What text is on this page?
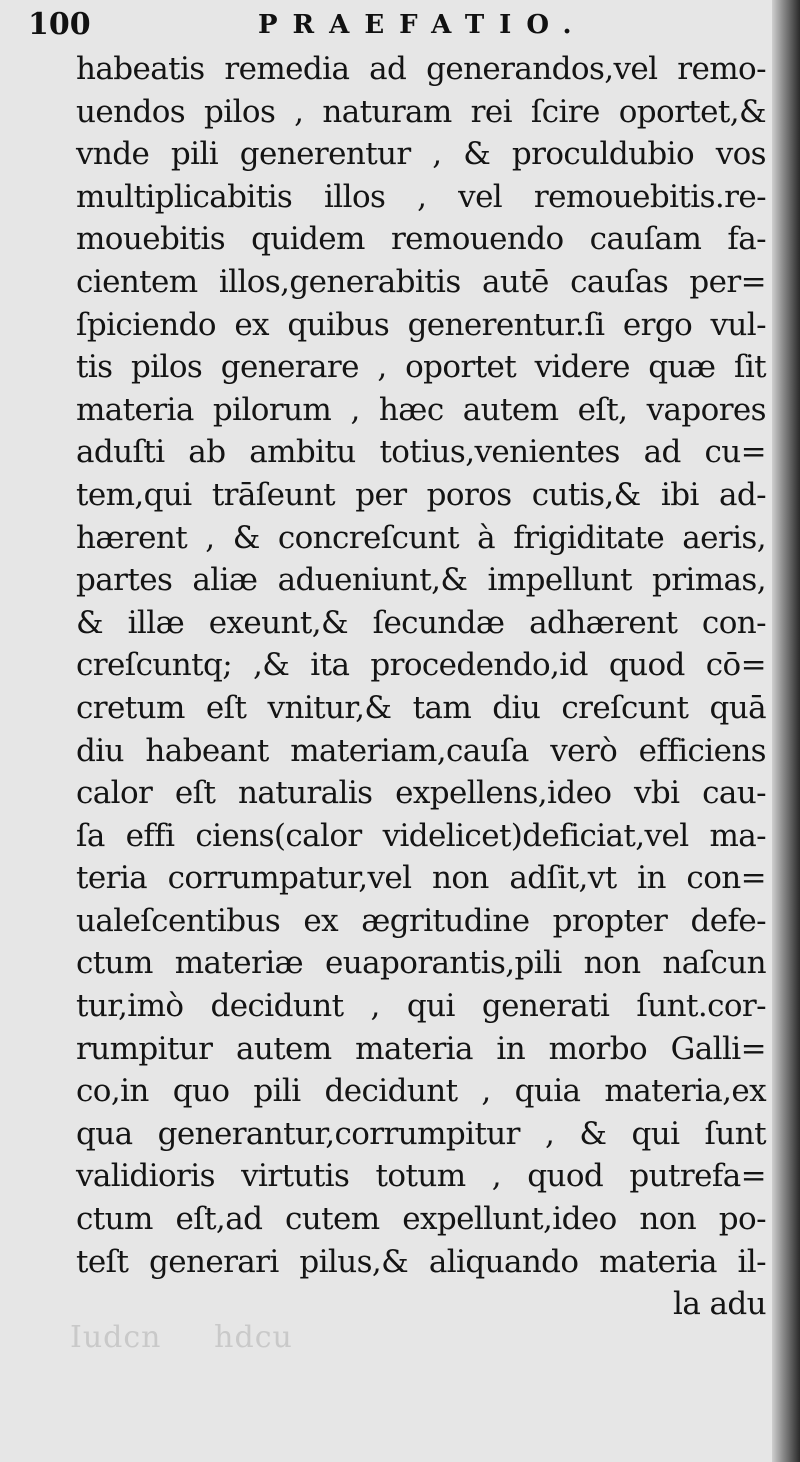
Iudcn     hdcu
100	PRAEFATIO.
habeatis remedia ad generandos,vel remo-
uendos pilos , naturam rei ſcire oportet,&
vnde pili generentur , & proculdubio vos
multiplicabitis illos , vel remouebitis.re-
mouebitis quidem remouendo cauſam fa-
cientem illos,generabitis autē cauſas per=
ſpiciendo ex quibus generentur.ſi ergo vul-
tis pilos generare , oportet videre quæ ſit
materia pilorum , hæc autem eſt, vapores
aduſti ab ambitu totius,venientes ad cu=
tem,qui trāſeunt per poros cutis,& ibi ad-
hærent , & concreſcunt à frigiditate aeris,
partes aliæ adueniunt,& impellunt primas,
& illæ exeunt,& ſecundæ adhærent con-
creſcuntq; ,& ita procedendo,id quod cō=
cretum eſt vnitur,& tam diu creſcunt quā
diu habeant materiam,cauſa verò efficiens
calor eſt naturalis expellens,ideo vbi cau-
ſa effi ciens(calor videlicet)deficiat,vel ma-
teria corrumpatur,vel non adſit,vt in con=
ualeſcentibus ex ægritudine propter defe-
ctum materiæ euaporantis,pili non naſcun
tur,imò decidunt , qui generati ſunt.cor-
rumpitur autem materia in morbo Galli=
co,in quo pili decidunt , quia materia,ex
qua generantur,corrumpitur , & qui ſunt
validioris virtutis totum , quod putrefa=
ctum eſt,ad cutem expellunt,ideo non po-
teſt generari pilus,& aliquando materia il-
la adu
